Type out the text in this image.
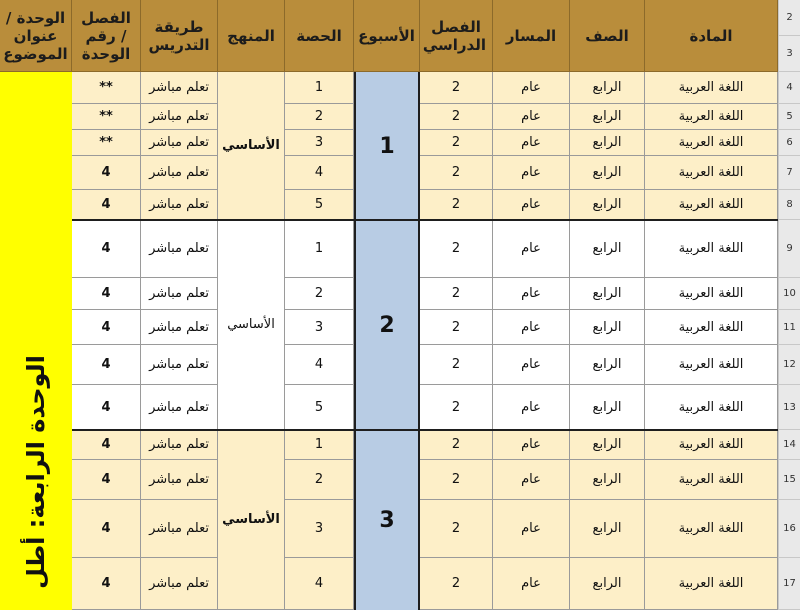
2
3
المادة
الصف
المسار
الفصل الدراسي
الأسبوع
الحصة
المنهج
طريقة التدريس
الفصل / رقم الوحدة
الوحدة / عنوان الموضوع
الوحدة الرابعة: أطل
4
اللغة العربية
الرابع
عام
2
1
تعلم مباشر
**
5
اللغة العربية
الرابع
عام
2
2
تعلم مباشر
**
6
اللغة العربية
الرابع
عام
2
3
تعلم مباشر
**
7
اللغة العربية
الرابع
عام
2
4
تعلم مباشر
4
8
اللغة العربية
الرابع
عام
2
5
تعلم مباشر
4
9
اللغة العربية
الرابع
عام
2
1
تعلم مباشر
4
10
اللغة العربية
الرابع
عام
2
2
تعلم مباشر
4
11
اللغة العربية
الرابع
عام
2
3
تعلم مباشر
4
12
اللغة العربية
الرابع
عام
2
4
تعلم مباشر
4
13
اللغة العربية
الرابع
عام
2
5
تعلم مباشر
4
14
اللغة العربية
الرابع
عام
2
1
تعلم مباشر
4
15
اللغة العربية
الرابع
عام
2
2
تعلم مباشر
4
16
اللغة العربية
الرابع
عام
2
3
تعلم مباشر
4
17
اللغة العربية
الرابع
عام
2
4
تعلم مباشر
4
1
الأساسي
2
الأساسي
3
الأساسي
